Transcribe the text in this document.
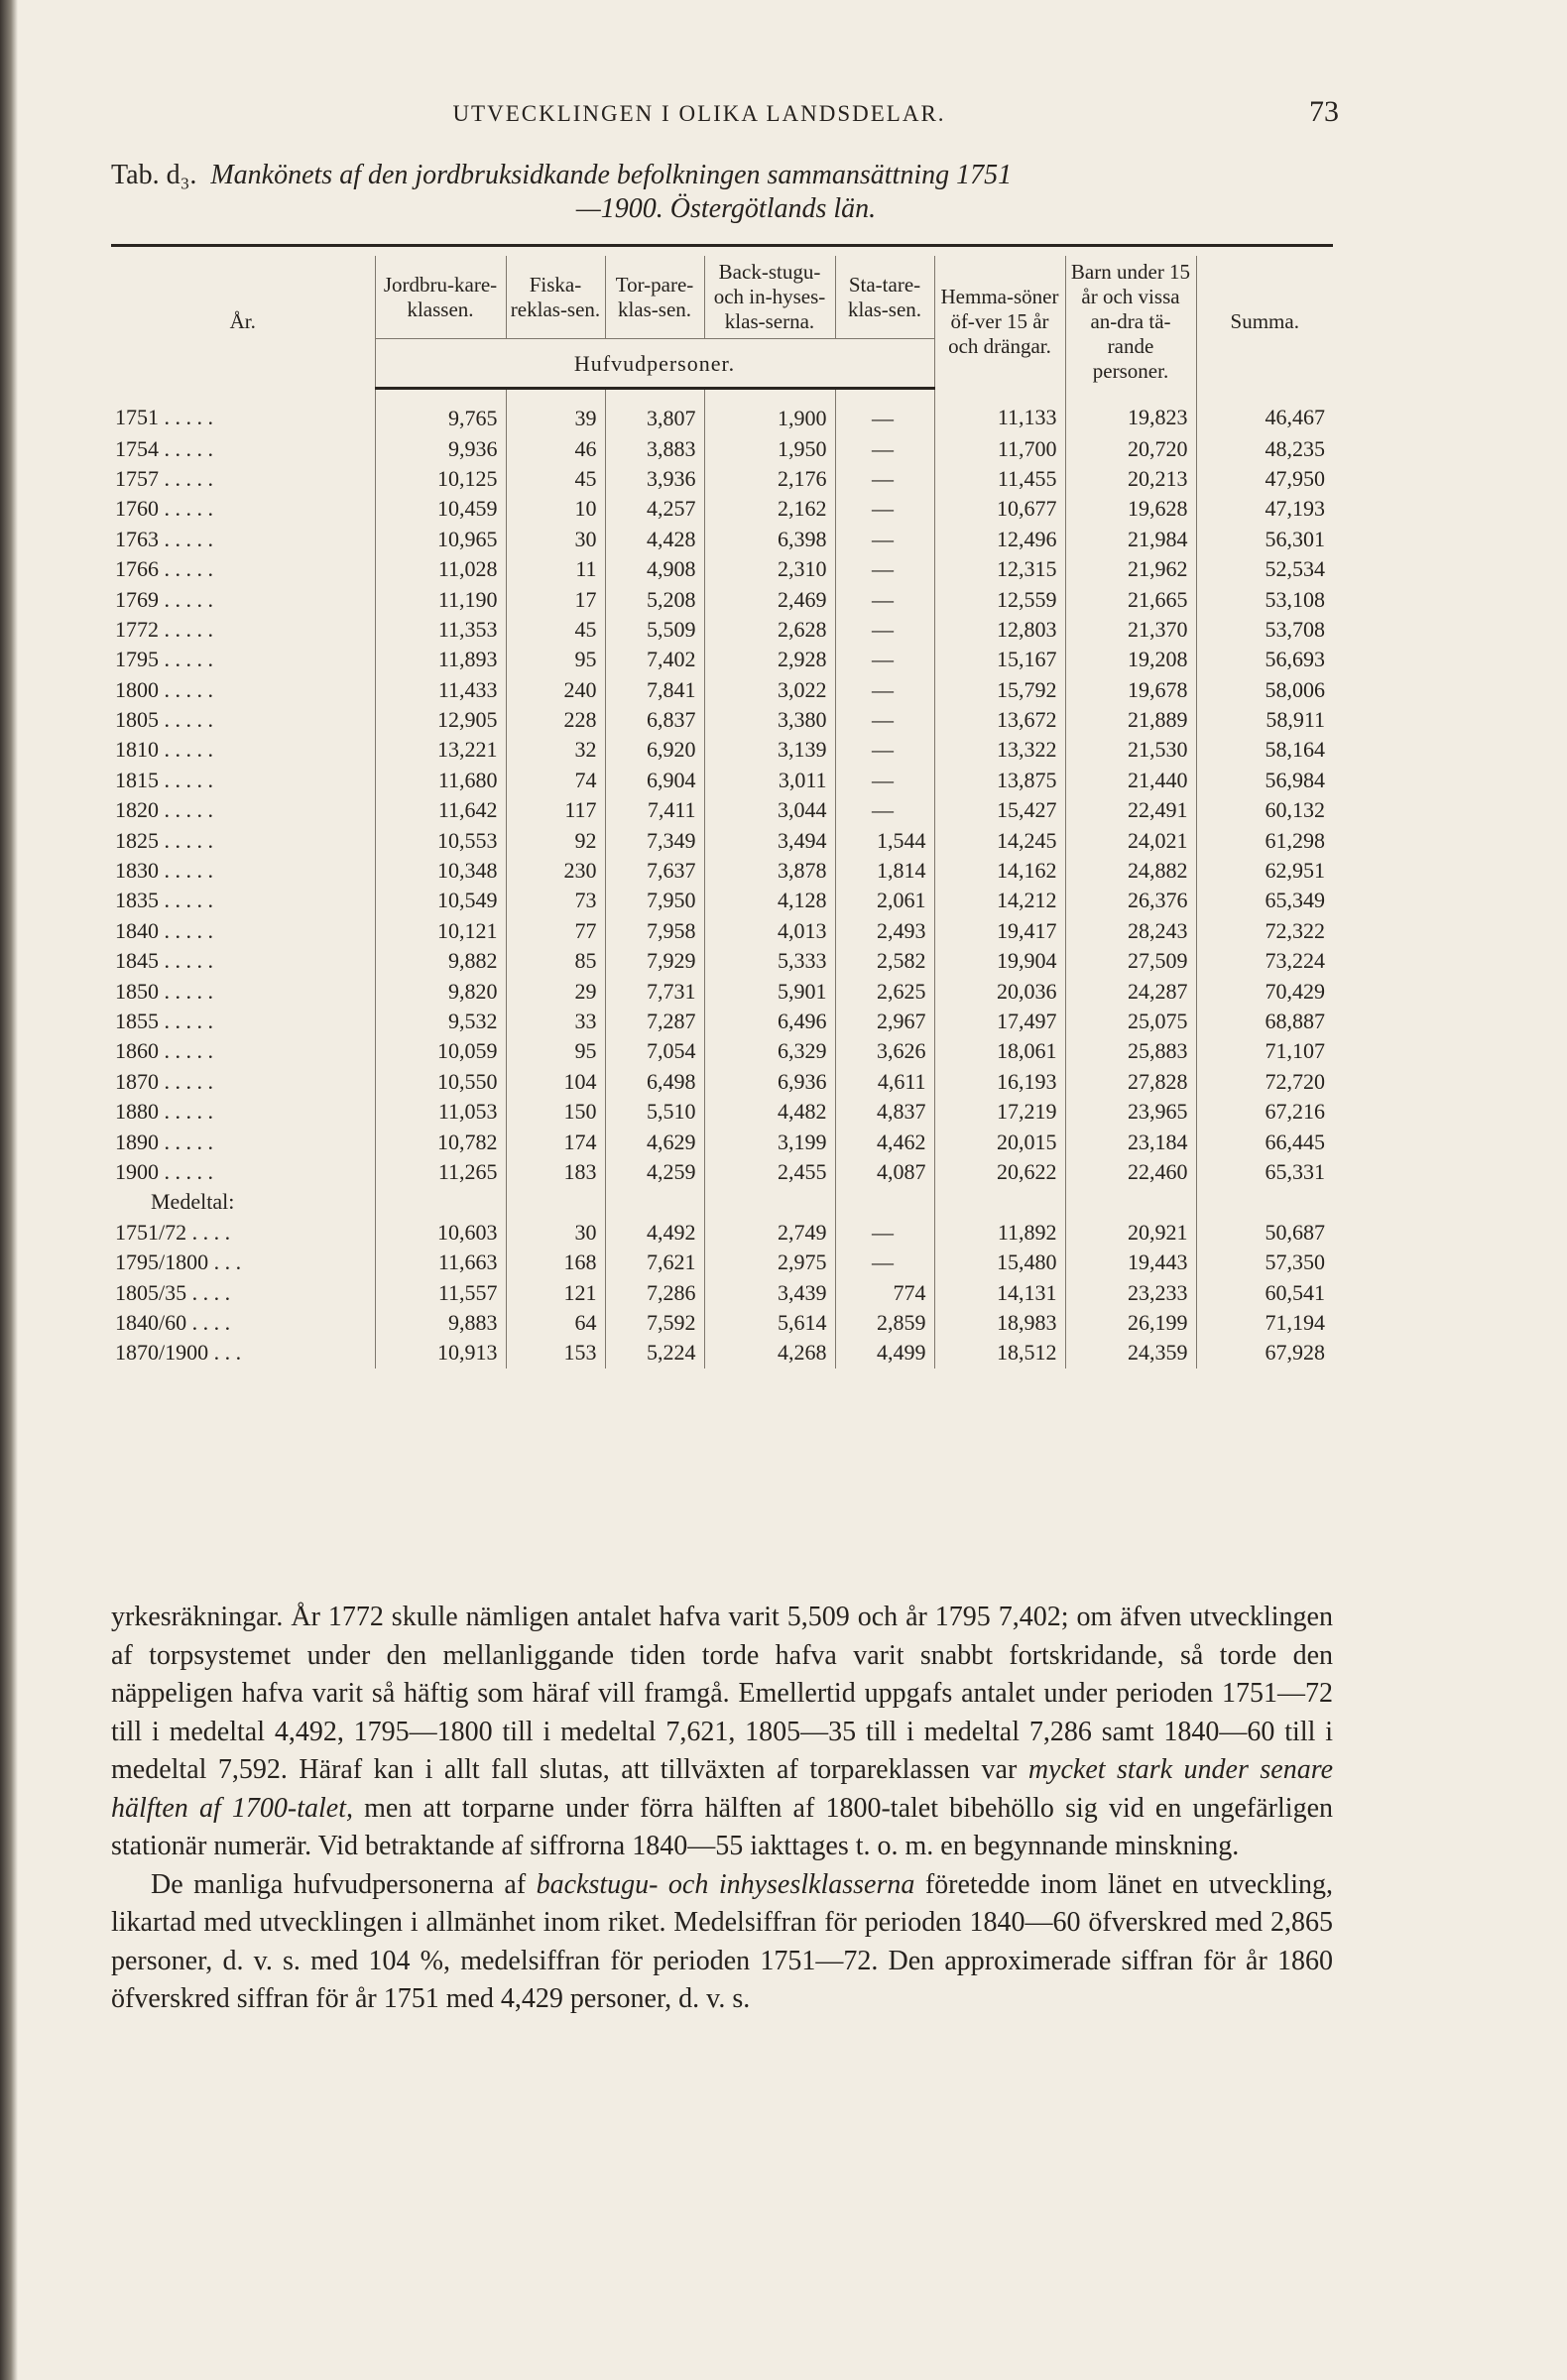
UTVECKLINGEN I OLIKA LANDSDELAR.	73
Tab. d₃. Mankönets af den jordbruksidkande befolkningen sammansättning 1751
—1900. Östergötlands län.
År.	Jordbru-kare-klassen.	Fiska-reklas-sen.	Tor-pare-klas-sen.	Back-stugu-och in-hyses-klas-serna.	Sta-tare-klas-sen.	Hemma-söner öf-ver 15 år och drängar.	Barn under 15 år och vissa an-dra tä-rande personer.	Summa.
	Hufvudpersoner.							
1751 . . . . .	9,765	39	3,807	1,900	—	11,133	19,823	46,467
1754 . . . . .	9,936	46	3,883	1,950	—	11,700	20,720	48,235
1757 . . . . .	10,125	45	3,936	2,176	—	11,455	20,213	47,950
1760 . . . . .	10,459	10	4,257	2,162	—	10,677	19,628	47,193
1763 . . . . .	10,965	30	4,428	6,398	—	12,496	21,984	56,301
1766 . . . . .	11,028	11	4,908	2,310	—	12,315	21,962	52,534
1769 . . . . .	11,190	17	5,208	2,469	—	12,559	21,665	53,108
1772 . . . . .	11,353	45	5,509	2,628	—	12,803	21,370	53,708
1795 . . . . .	11,893	95	7,402	2,928	—	15,167	19,208	56,693
1800 . . . . .	11,433	240	7,841	3,022	—	15,792	19,678	58,006
1805 . . . . .	12,905	228	6,837	3,380	—	13,672	21,889	58,911
1810 . . . . .	13,221	32	6,920	3,139	—	13,322	21,530	58,164
1815 . . . . .	11,680	74	6,904	3,011	—	13,875	21,440	56,984
1820 . . . . .	11,642	117	7,411	3,044	—	15,427	22,491	60,132
1825 . . . . .	10,553	92	7,349	3,494	1,544	14,245	24,021	61,298
1830 . . . . .	10,348	230	7,637	3,878	1,814	14,162	24,882	62,951
1835 . . . . .	10,549	73	7,950	4,128	2,061	14,212	26,376	65,349
1840 . . . . .	10,121	77	7,958	4,013	2,493	19,417	28,243	72,322
1845 . . . . .	9,882	85	7,929	5,333	2,582	19,904	27,509	73,224
1850 . . . . .	9,820	29	7,731	5,901	2,625	20,036	24,287	70,429
1855 . . . . .	9,532	33	7,287	6,496	2,967	17,497	25,075	68,887
1860 . . . . .	10,059	95	7,054	6,329	3,626	18,061	25,883	71,107
1870 . . . . .	10,550	104	6,498	6,936	4,611	16,193	27,828	72,720
1880 . . . . .	11,053	150	5,510	4,482	4,837	17,219	23,965	67,216
1890 . . . . .	10,782	174	4,629	3,199	4,462	20,015	23,184	66,445
1900 . . . . .	11,265	183	4,259	2,455	4,087	20,622	22,460	65,331
Medeltal:								
1751/72 . . . .	10,603	30	4,492	2,749	—	11,892	20,921	50,687
1795/1800 . . .	11,663	168	7,621	2,975	—	15,480	19,443	57,350
1805/35 . . . .	11,557	121	7,286	3,439	774	14,131	23,233	60,541
1840/60 . . . .	9,883	64	7,592	5,614	2,859	18,983	26,199	71,194
1870/1900 . . .	10,913	153	5,224	4,268	4,499	18,512	24,359	67,928

yrkesräkningar. År 1772 skulle nämligen antalet hafva varit 5,509 och år 1795 7,402; om äfven utvecklingen af torpsystemet under den mellanliggande tiden torde hafva varit snabbt fortskridande, så torde den näppeligen hafva varit så häftig som häraf vill framgå. Emellertid uppgafs antalet under perioden 1751—72 till i medeltal 4,492, 1795—1800 till i medeltal 7,621, 1805—35 till i medeltal 7,286 samt 1840—60 till i medeltal 7,592. Häraf kan i allt fall slutas, att tillväxten af torpareklassen var mycket stark under senare hälften af 1700-talet, men att torparne under förra hälften af 1800-talet bibehöllo sig vid en ungefärligen stationär numerär. Vid betraktande af siffrorna 1840—55 iakttages t. o. m. en begynnande minskning.

De manliga hufvudpersonerna af backstugu- och inhyseslklasserna företedde inom länet en utveckling, likartad med utvecklingen i allmänhet inom riket. Medelsiffran för perioden 1840—60 öfverskred med 2,865 personer, d. v. s. med 104 %, medelsiffran för perioden 1751—72. Den approximerade siffran för år 1860 öfverskred siffran för år 1751 med 4,429 personer, d. v. s.
